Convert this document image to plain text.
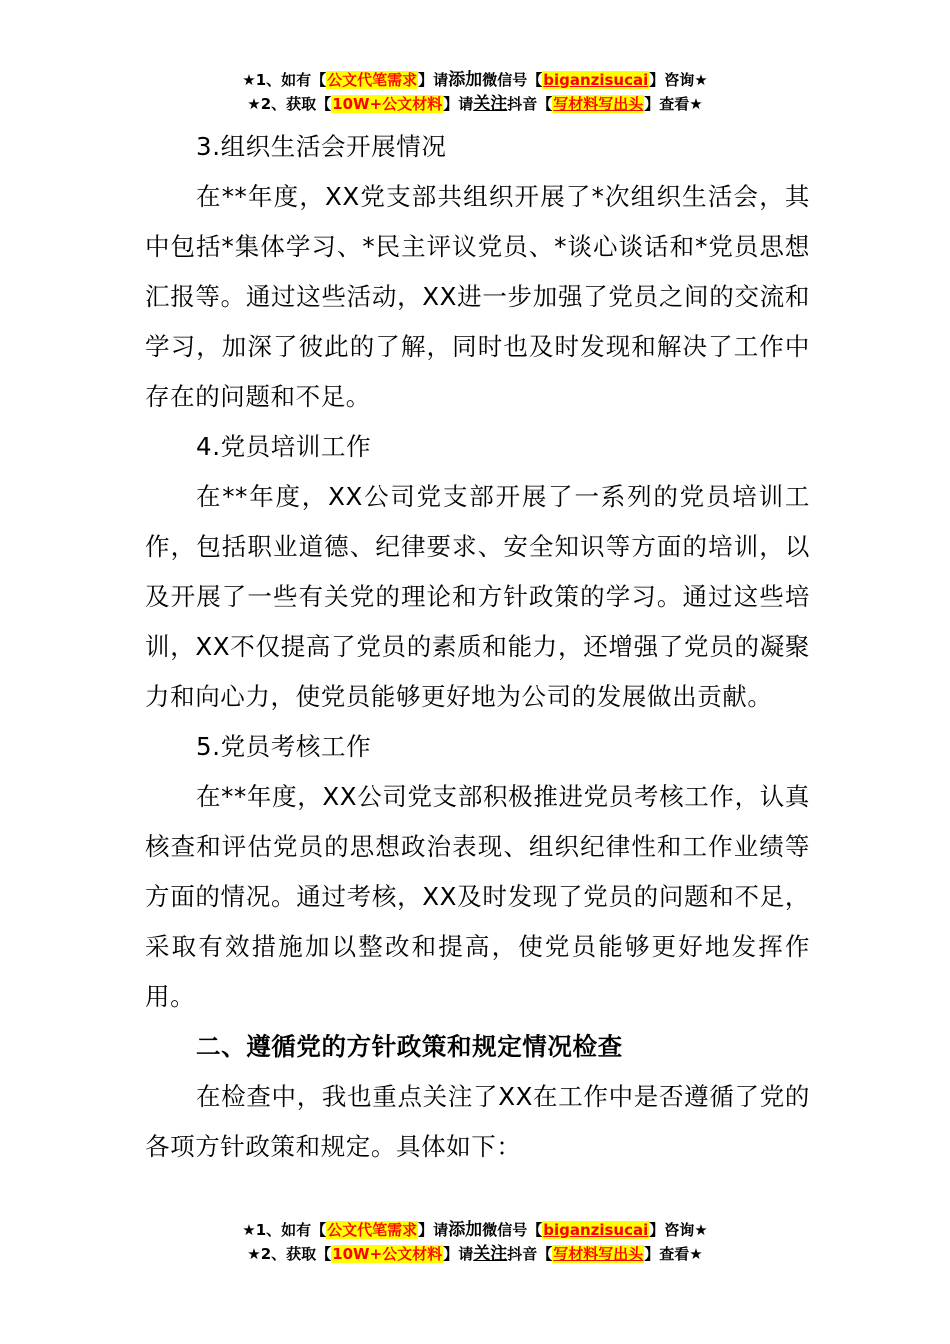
★1、如有【公文代笔需求】请添加微信号【biganzisucai】咨询★
★2、获取【10W+公文材料】请关注抖音【写材料写出头】查看★

3.组织生活会开展情况

在**年度，XX党支部共组织开展了*次组织生活会，其中包括*集体学习、*民主评议党员、*谈心谈话和*党员思想汇报等。通过这些活动，XX进一步加强了党员之间的交流和学习，加深了彼此的了解，同时也及时发现和解决了工作中存在的问题和不足。

4.党员培训工作

在**年度，XX公司党支部开展了一系列的党员培训工作，包括职业道德、纪律要求、安全知识等方面的培训，以及开展了一些有关党的理论和方针政策的学习。通过这些培训，XX不仅提高了党员的素质和能力，还增强了党员的凝聚力和向心力，使党员能够更好地为公司的发展做出贡献。

5.党员考核工作

在**年度，XX公司党支部积极推进党员考核工作，认真核查和评估党员的思想政治表现、组织纪律性和工作业绩等方面的情况。通过考核，XX及时发现了党员的问题和不足，采取有效措施加以整改和提高，使党员能够更好地发挥作用。

二、遵循党的方针政策和规定情况检查

在检查中，我也重点关注了XX在工作中是否遵循了党的各项方针政策和规定。具体如下：

★1、如有【公文代笔需求】请添加微信号【biganzisucai】咨询★
★2、获取【10W+公文材料】请关注抖音【写材料写出头】查看★
